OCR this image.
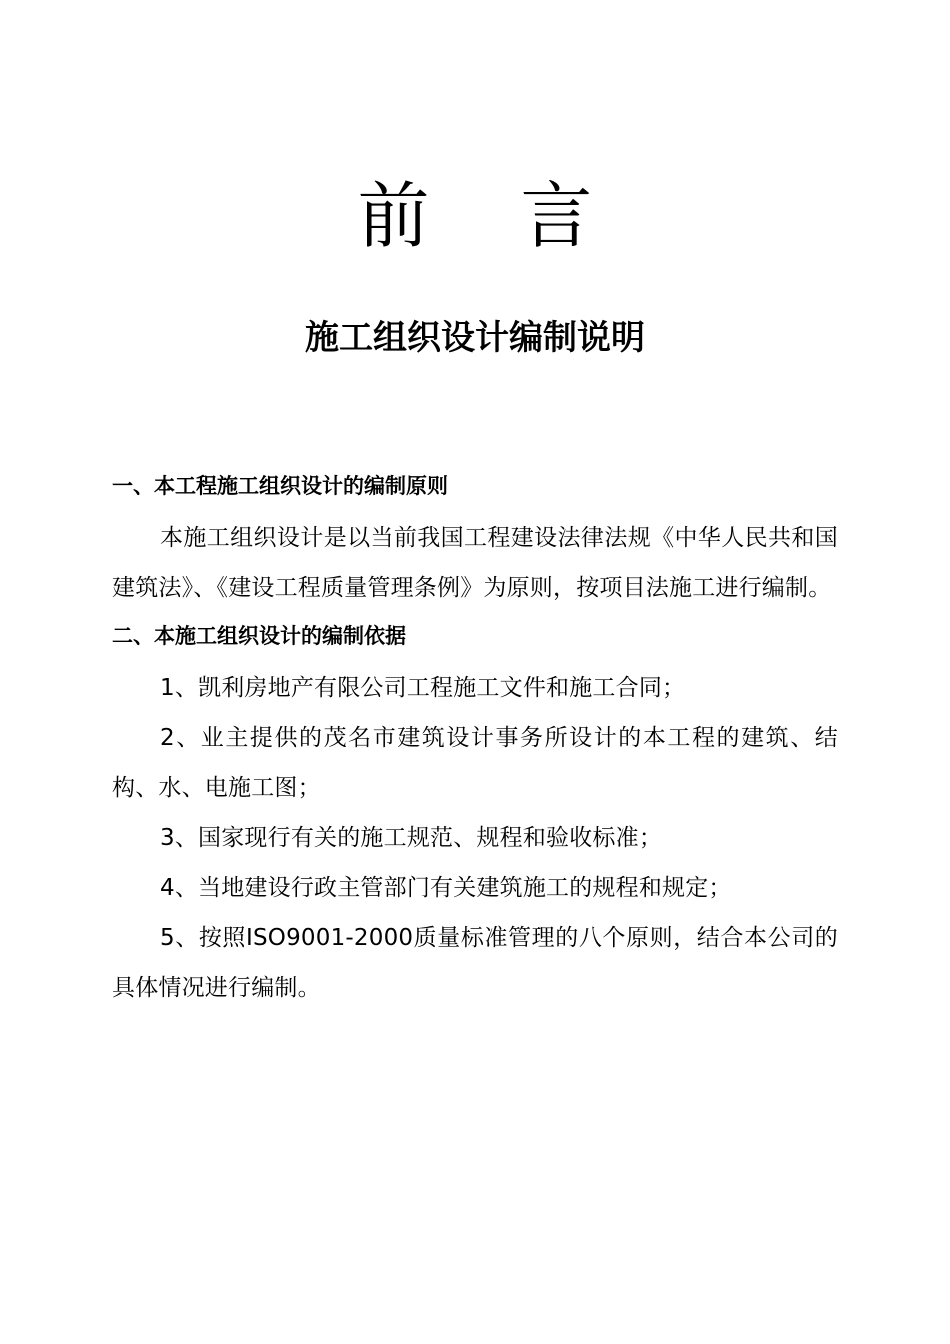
前 言
施工组织设计编制说明
一、本工程施工组织设计的编制原则

本施工组织设计是以当前我国工程建设法律法规《中华人民共和国建筑法》、《建设工程质量管理条例》为原则，按项目法施工进行编制。

二、本施工组织设计的编制依据

1、凯利房地产有限公司工程施工文件和施工合同；

2、业主提供的茂名市建筑设计事务所设计的本工程的建筑、结构、水、电施工图；

3、国家现行有关的施工规范、规程和验收标准；

4、当地建设行政主管部门有关建筑施工的规程和规定；

5、按照ISO9001-2000质量标准管理的八个原则，结合本公司的具体情况进行编制。
